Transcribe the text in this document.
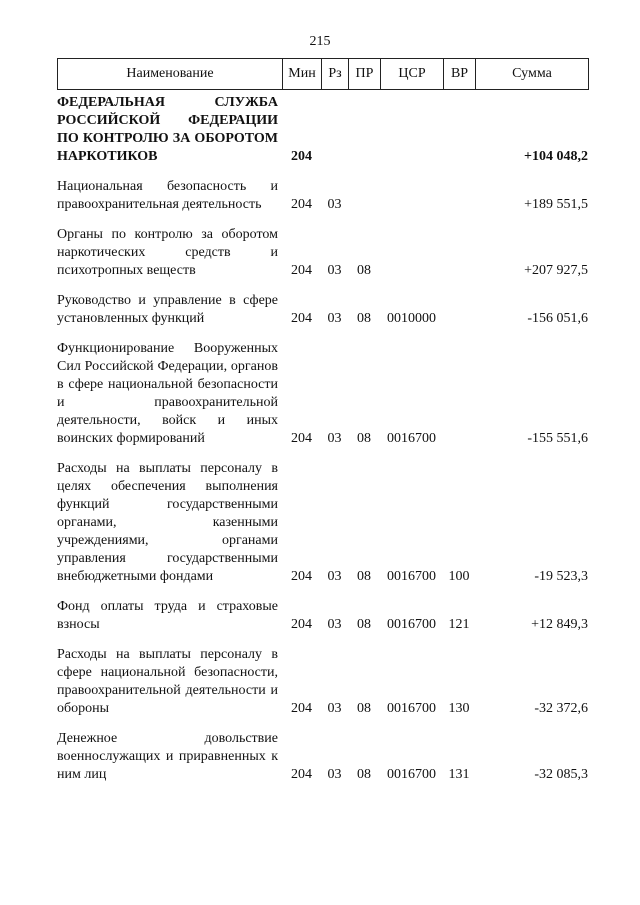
215
Наименование	Мин	Рз	ПР	ЦСР	ВР	Сумма
ФЕДЕРАЛЬНАЯ СЛУЖБА РОССИЙСКОЙ ФЕДЕРАЦИИ ПО КОНТРОЛЮ ЗА ОБОРОТОМ НАРКОТИКОВ	204					+104 048,2
Национальная безопасность и правоохранительная деятельность	204	03				+189 551,5
Органы по контролю за оборотом наркотических средств и психотропных веществ	204	03	08			+207 927,5
Руководство и управление в сфере установленных функций	204	03	08	0010000		-156 051,6
Функционирование Вооруженных Сил Российской Федерации, органов в сфере национальной безопасности и правоохранительной деятельности, войск и иных воинских формирований	204	03	08	0016700		-155 551,6
Расходы на выплаты персоналу в целях обеспечения выполнения функций государственными органами, казенными учреждениями, органами управления государственными внебюджетными фондами	204	03	08	0016700	100	-19 523,3
Фонд оплаты труда и страховые взносы	204	03	08	0016700	121	+12 849,3
Расходы на выплаты персоналу в сфере национальной безопасности, правоохранительной деятельности и обороны	204	03	08	0016700	130	-32 372,6
Денежное довольствие военнослужащих и приравненных к ним лиц	204	03	08	0016700	131	-32 085,3
